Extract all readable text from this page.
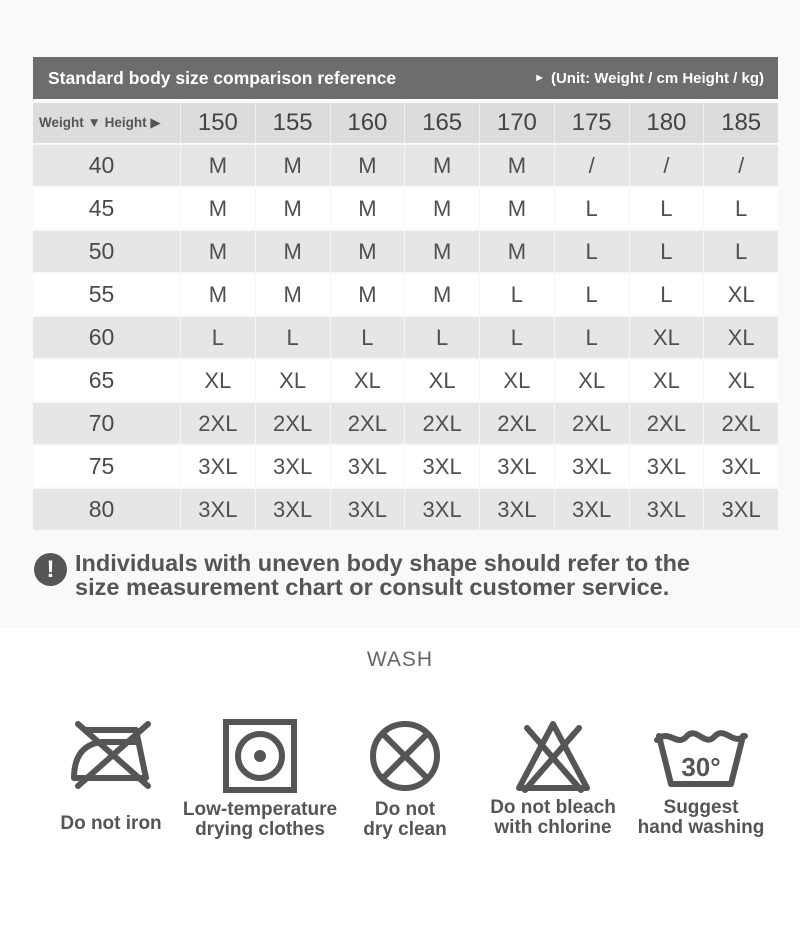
Standard body size comparison reference	► (Unit: Weight / cm Height / kg)
Weight ▼ Height ▶	150	155	160	165	170	175	180	185
40	M	M	M	M	M	/	/	/
45	M	M	M	M	M	L	L	L
50	M	M	M	M	M	L	L	L
55	M	M	M	M	L	L	L	XL
60	L	L	L	L	L	L	XL	XL
65	XL	XL	XL	XL	XL	XL	XL	XL
70	2XL	2XL	2XL	2XL	2XL	2XL	2XL	2XL
75	3XL	3XL	3XL	3XL	3XL	3XL	3XL	3XL
80	3XL	3XL	3XL	3XL	3XL	3XL	3XL	3XL
! Individuals with uneven body shape should refer to the
size measurement chart or consult customer service.
WASH
Do not iron
Low-temperature
drying clothes
Do not
dry clean
Do not bleach
with chlorine
30°
Suggest
hand washing
